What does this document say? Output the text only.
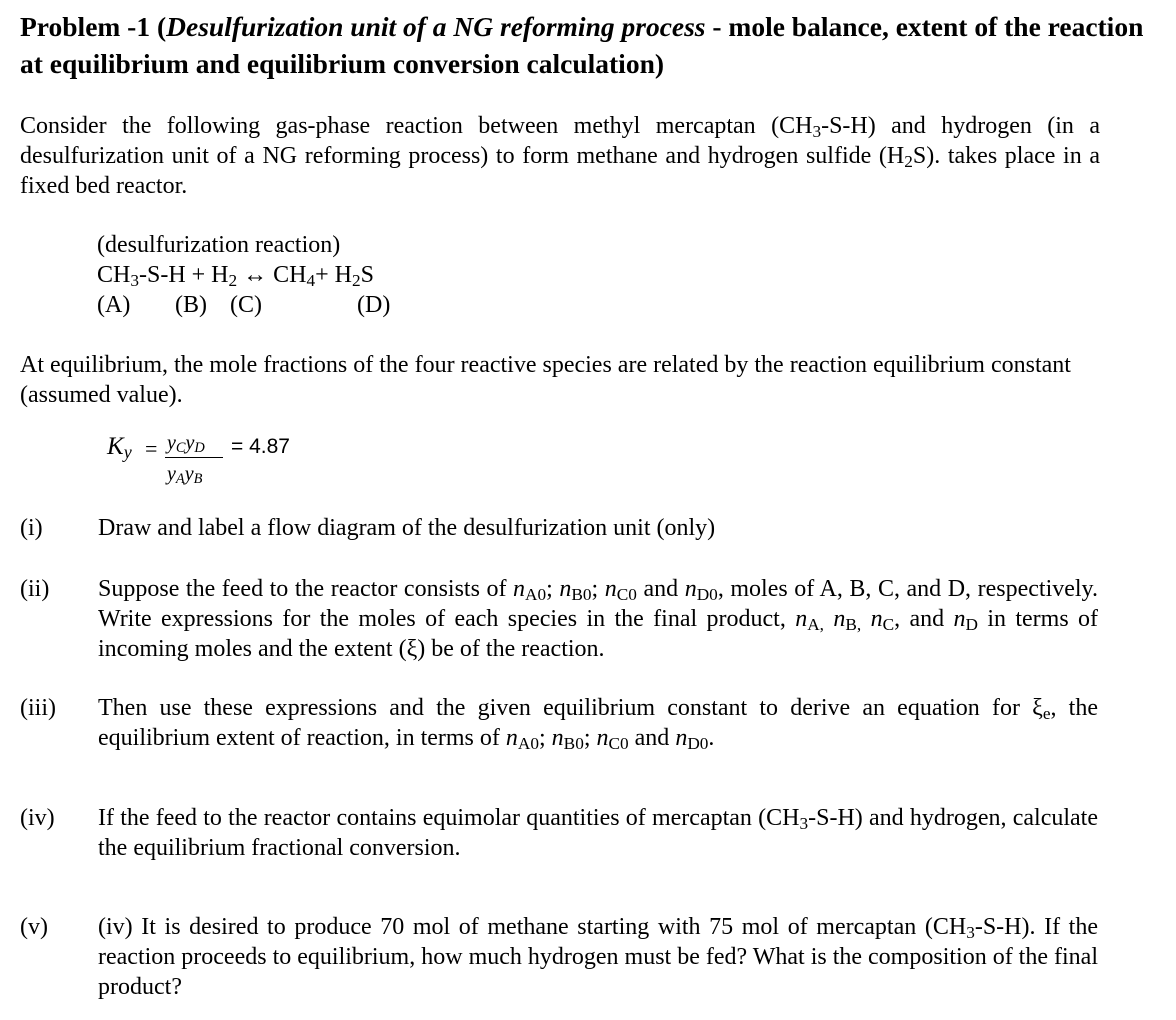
Problem -1 (Desulfurization unit of a NG reforming process - mole balance, extent of the reaction at equilibrium and equilibrium conversion calculation)
Consider the following gas-phase reaction between methyl mercaptan $(CH_3-S-H)$ and hydrogen (in a desulfurization unit of a NG reforming process) to form methane and hydrogen sulfide $(H_2S)$. takes place in a fixed bed reactor.
(desulfurization reaction)
$CH_3-S-H + H_2$ ↔ $CH_4+ H_2S$
(A) (B) (C)	(D)
At equilibrium, the mole fractions of the four reactive species are related by the reaction equilibrium constant (assumed value).
$K_y = y_Cy_D$
$y_Ay_B$
= 4.87
(i)	Draw and label a flow diagram of the desulfurization unit (only)
(ii)	Suppose the feed to the reactor consists of $n_{A0}$; $n_{B0}$; $n_{C0}$ and $n_{D0}$, moles of A, B, C, and D, respectively. Write expressions for the moles of each species in the final product, $n_{A,}$ $n_{B,}$ $n_C$, and $n_D$ in terms of incoming moles and the extent (ξ) be of the reaction.
(iii)	Then use these expressions and the given equilibrium constant to derive an equation for $\xi_e$, the equilibrium extent of reaction, in terms of $n_{A0}$; $n_{B0}$; $n_{C0}$ and $n_{D0}$.
(iv)	If the feed to the reactor contains equimolar quantities of mercaptan $(CH_3-S-H)$ and hydrogen, calculate the equilibrium fractional conversion.
(v)	(iv) It is desired to produce 70 mol of methane starting with 75 mol of mercaptan $(CH_3-S-H)$. If the reaction proceeds to equilibrium, how much hydrogen must be fed? What is the composition of the final product?
